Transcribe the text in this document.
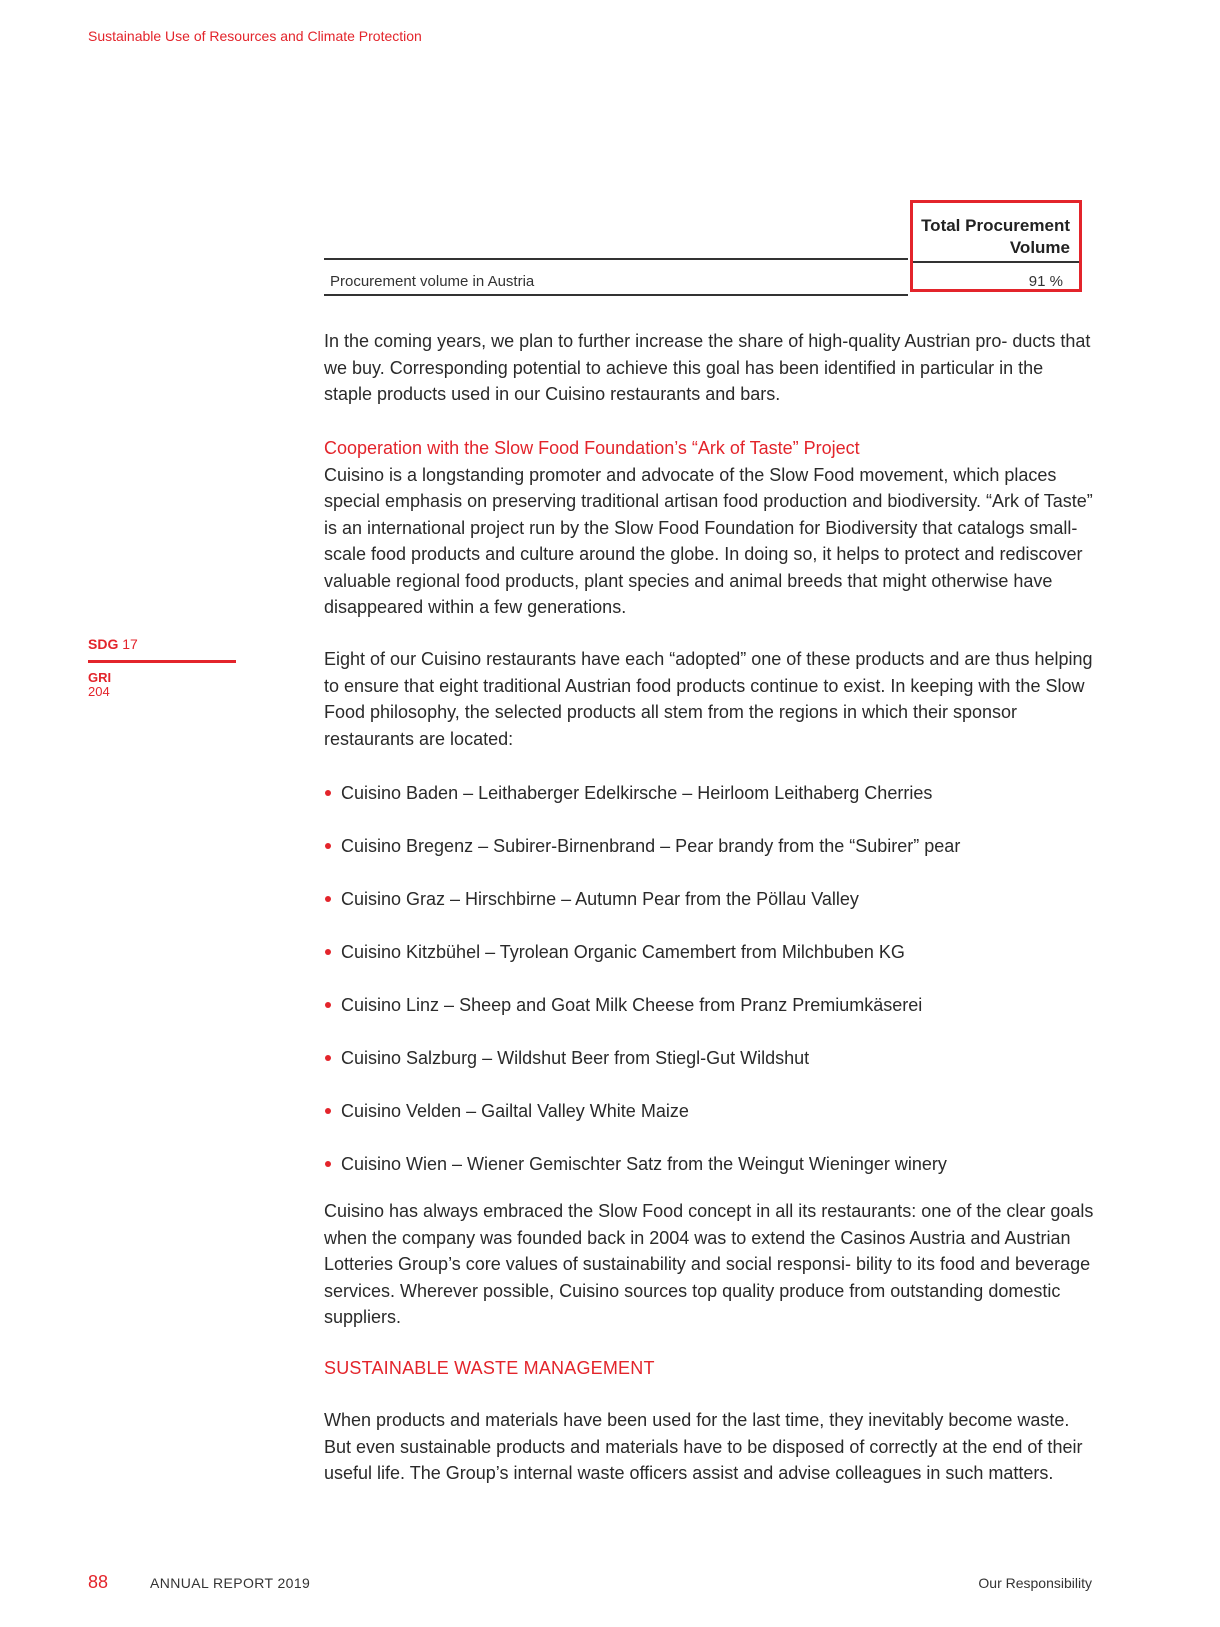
Sustainable Use of Resources and Climate Protection
Procurement volume in Austria
Total Procurement
Volume
91 %

In the coming years, we plan to further increase the share of high-quality Austrian pro- ducts that we buy. Corresponding potential to achieve this goal has been identified in particular in the staple products used in our Cuisino restaurants and bars.

Cooperation with the Slow Food Foundation’s “Ark of Taste” Project

Cuisino is a longstanding promoter and advocate of the Slow Food movement, which places special emphasis on preserving traditional artisan food production and biodiversity. “Ark of Taste” is an international project run by the Slow Food Foundation for Biodiversity that catalogs small-scale food products and culture around the globe. In doing so, it helps to protect and rediscover valuable regional food products, plant species and animal breeds that might otherwise have disappeared within a few generations.

Eight of our Cuisino restaurants have each “adopted” one of these products and are thus helping to ensure that eight traditional Austrian food products continue to exist. In keeping with the Slow Food philosophy, the selected products all stem from the regions in which their sponsor restaurants are located:

Cuisino Baden – Leithaberger Edelkirsche – Heirloom Leithaberg Cherries
Cuisino Bregenz – Subirer-Birnenbrand – Pear brandy from the “Subirer” pear
Cuisino Graz – Hirschbirne – Autumn Pear from the Pöllau Valley
Cuisino Kitzbühel – Tyrolean Organic Camembert from Milchbuben KG
Cuisino Linz – Sheep and Goat Milk Cheese from Pranz Premiumkäserei
Cuisino Salzburg – Wildshut Beer from Stiegl-Gut Wildshut
Cuisino Velden – Gailtal Valley White Maize
Cuisino Wien – Wiener Gemischter Satz from the Weingut Wieninger winery

Cuisino has always embraced the Slow Food concept in all its restaurants: one of the clear goals when the company was founded back in 2004 was to extend the Casinos Austria and Austrian Lotteries Group’s core values of sustainability and social responsi- bility to its food and beverage services. Wherever possible, Cuisino sources top quality produce from outstanding domestic suppliers.

SUSTAINABLE WASTE MANAGEMENT

When products and materials have been used for the last time, they inevitably become waste. But even sustainable products and materials have to be disposed of correctly at the end of their useful life. The Group’s internal waste officers assist and advise colleagues in such matters.

SDG 17
GRI
204
88	ANNUAL REPORT 2019	Our Responsibility
